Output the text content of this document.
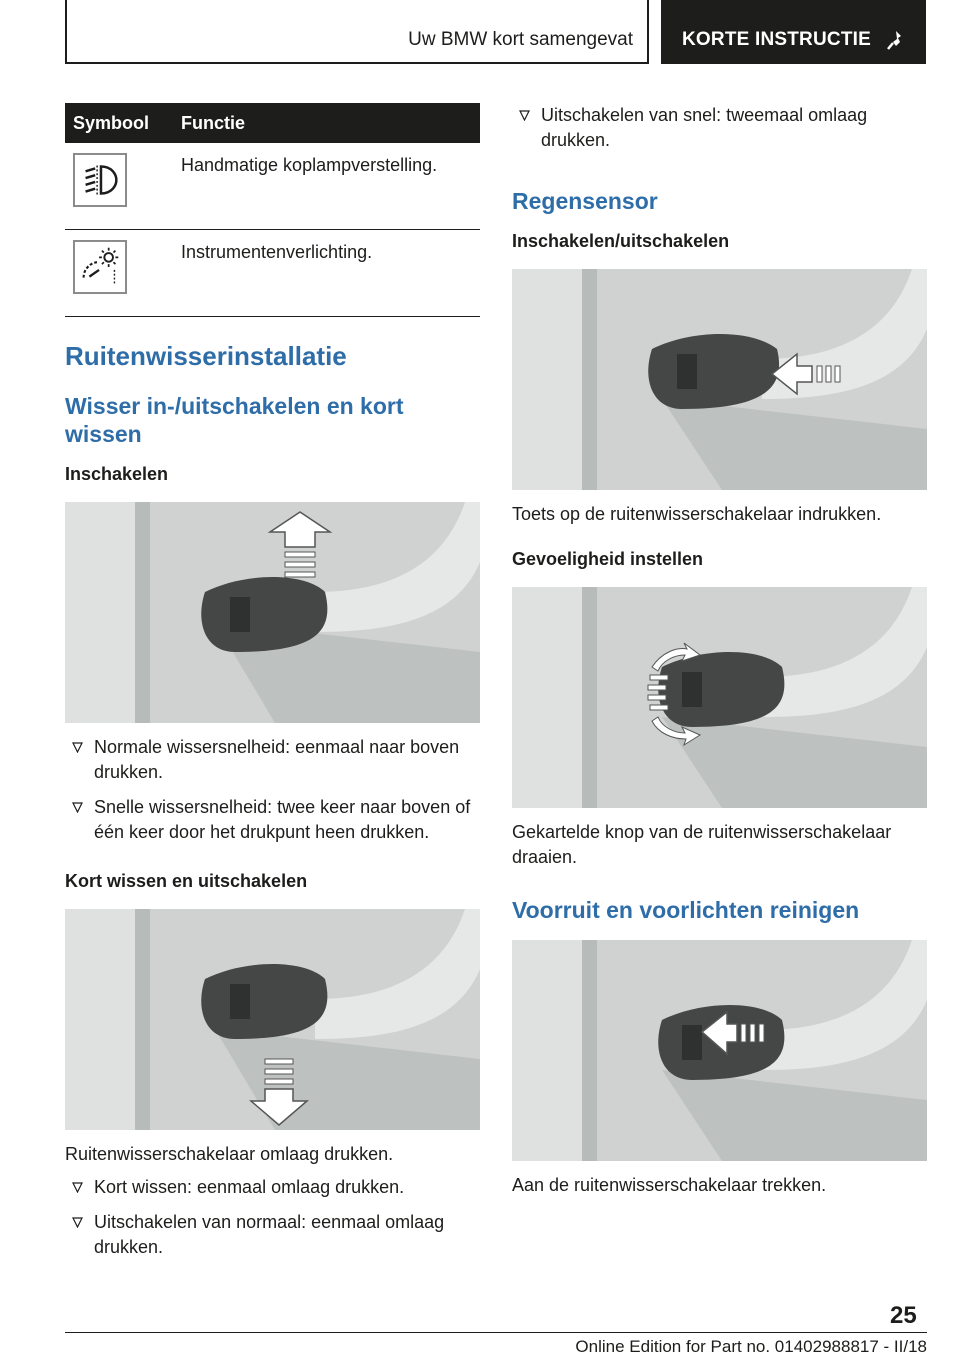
Uw BMW kort samengevat	KORTE INSTRUCTIE
Symbool	Functie

	Handmatige koplampverstelling.

	Instrumentenverlichting.
Ruitenwisserinstallatie
Wisser in-/uitschakelen en kort wissen
Inschakelen
Normale wissersnelheid: eenmaal naar boven drukken.
Snelle wissersnelheid: twee keer naar boven of één keer door het drukpunt heen drukken.
Kort wissen en uitschakelen

Ruitenwisserschakelaar omlaag drukken.

Kort wissen: eenmaal omlaag drukken.
Uitschakelen van normaal: eenmaal omlaag drukken.
Uitschakelen van snel: tweemaal omlaag drukken.
Regensensor
Inschakelen/uitschakelen

Toets op de ruitenwisserschakelaar indrukken.

Gevoeligheid instellen

Gekartelde knop van de ruitenwisserschakelaar draaien.

Voorruit en voorlichten reinigen

Aan de ruitenwisserschakelaar trekken.

25
Online Edition for Part no. 01402988817 - II/18
